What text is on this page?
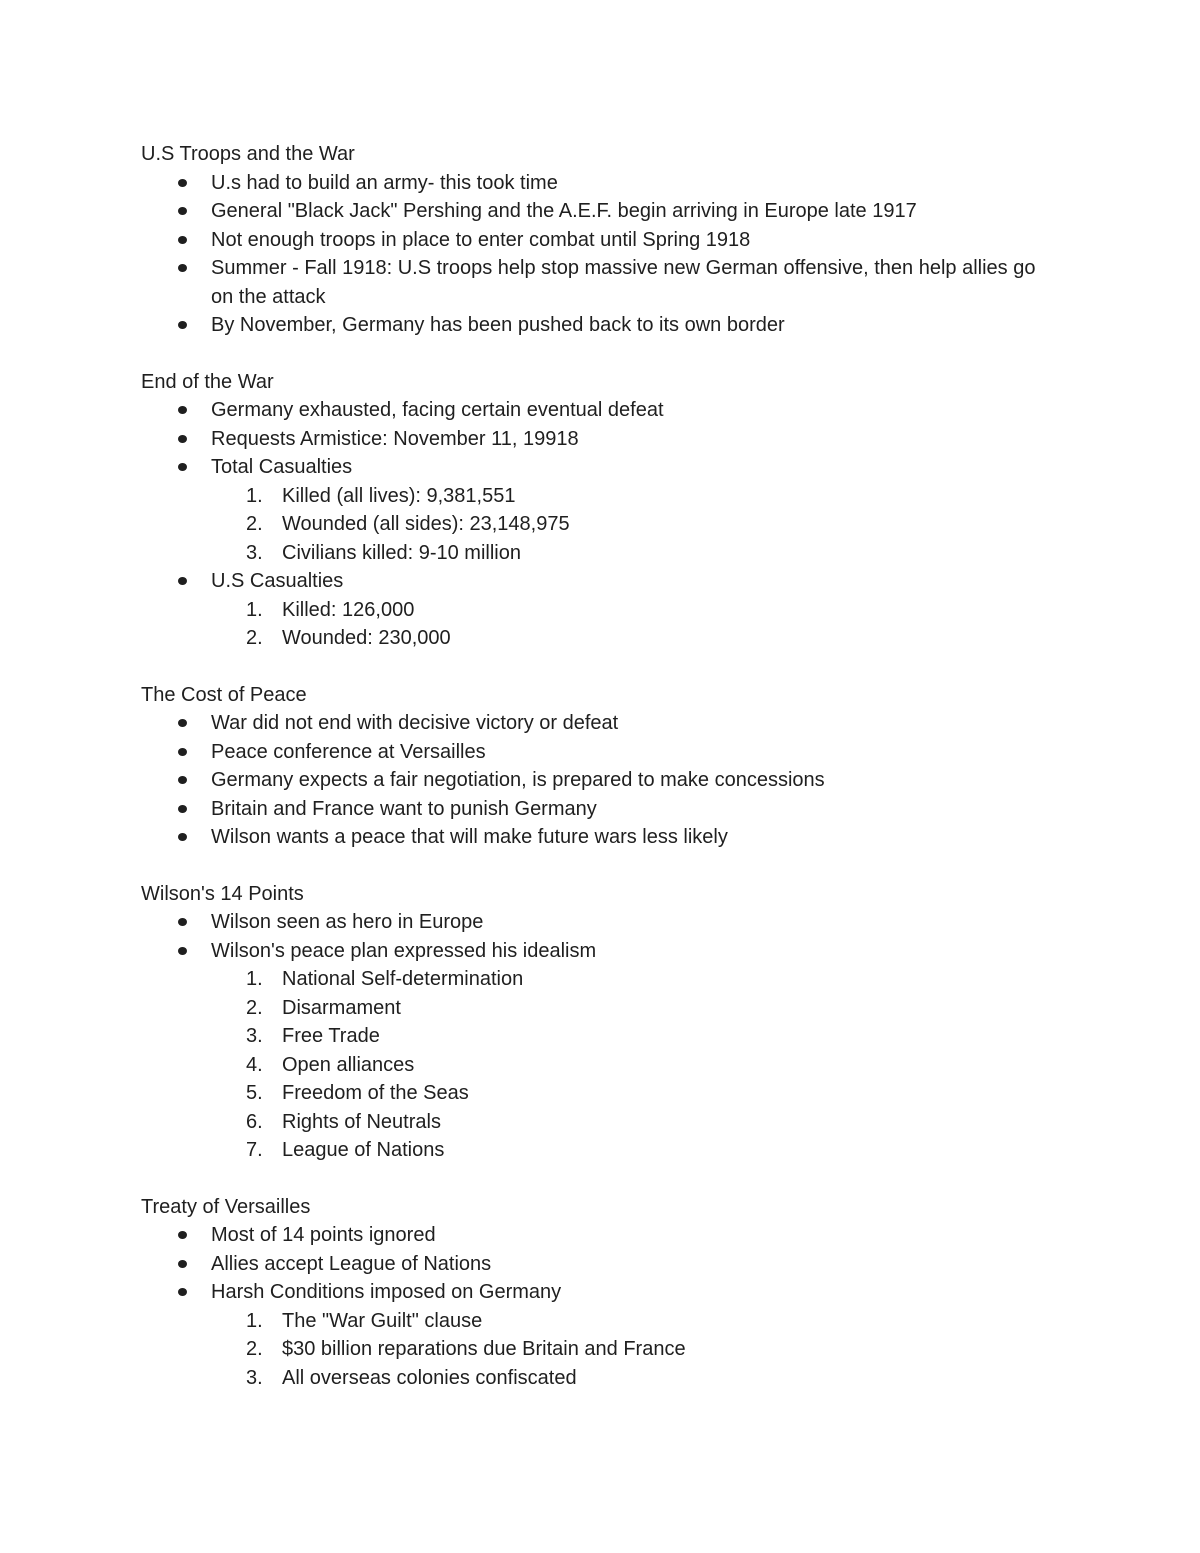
U.S Troops and the War
U.s had to build an army- this took time
General "Black Jack" Pershing and the A.E.F. begin arriving in Europe late 1917
Not enough troops in place to enter combat until Spring 1918
Summer - Fall 1918: U.S troops help stop massive new German offensive, then help allies go on the attack
By November, Germany has been pushed back to its own border
End of the War
Germany exhausted, facing certain eventual defeat
Requests Armistice: November 11, 19918
Total Casualties
1. Killed (all lives): 9,381,551
2. Wounded (all sides): 23,148,975
3. Civilians killed: 9-10 million
U.S Casualties
1. Killed: 126,000
2. Wounded: 230,000
The Cost of Peace
War did not end with decisive victory or defeat
Peace conference at Versailles
Germany expects a fair negotiation, is prepared to make concessions
Britain and France want to punish Germany
Wilson wants a peace that will make future wars less likely
Wilson's 14 Points
Wilson seen as hero in Europe
Wilson's peace plan expressed his idealism
1. National Self-determination
2. Disarmament
3. Free Trade
4. Open alliances
5. Freedom of the Seas
6. Rights of Neutrals
7. League of Nations
Treaty of Versailles
Most of 14 points ignored
Allies accept League of Nations
Harsh Conditions imposed on Germany
1. The "War Guilt" clause
2. $30 billion reparations due Britain and France
3. All overseas colonies confiscated
